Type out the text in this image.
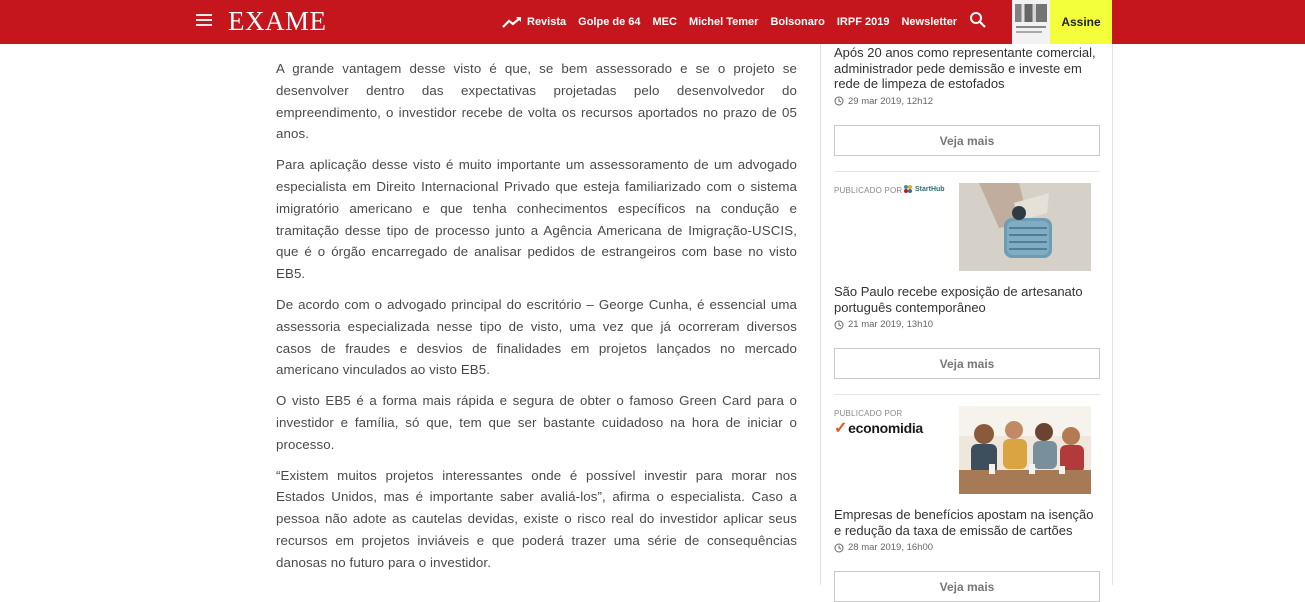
EXAME	Revista Golpe de 64 MEC Michel Temer Bolsonaro IRPF 2019 Newsletter	Assine

A grande vantagem desse visto é que, se bem assessorado e se o projeto se desenvolver dentro das expectativas projetadas pelo desenvolvedor do empreendimento, o investidor recebe de volta os recursos aportados no prazo de 05 anos.

Para aplicação desse visto é muito importante um assessoramento de um advogado especialista em Direito Internacional Privado que esteja familiarizado com o sistema imigratório americano e que tenha conhecimentos específicos na condução e tramitação desse tipo de processo junto a Agência Americana de Imigração-USCIS, que é o órgão encarregado de analisar pedidos de estrangeiros com base no visto EB5.

De acordo com o advogado principal do escritório – George Cunha, é essencial uma assessoria especializada nesse tipo de visto, uma vez que já ocorreram diversos casos de fraudes e desvios de finalidades em projetos lançados no mercado americano vinculados ao visto EB5.

O visto EB5 é a forma mais rápida e segura de obter o famoso Green Card para o investidor e família, só que, tem que ser bastante cuidadoso na hora de iniciar o processo.

“Existem muitos projetos interessantes onde é possível investir para morar nos Estados Unidos, mas é importante saber avaliá-los”, afirma o especialista. Caso a pessoa não adote as cautelas devidas, existe o risco real do investidor aplicar seus recursos em projetos inviáveis e que poderá trazer uma série de consequências danosas no futuro para o investidor.

Após 20 anos como representante comercial, administrador pede demissão e investe em rede de limpeza de estofados
29 mar 2019, 12h12
Veja mais
PUBLICADO POR StartHub
São Paulo recebe exposição de artesanato português contemporâneo
21 mar 2019, 13h10
Veja mais
PUBLICADO POR
✓ economidia
Empresas de benefícios apostam na isenção e redução da taxa de emissão de cartões
28 mar 2019, 16h00
Veja mais
